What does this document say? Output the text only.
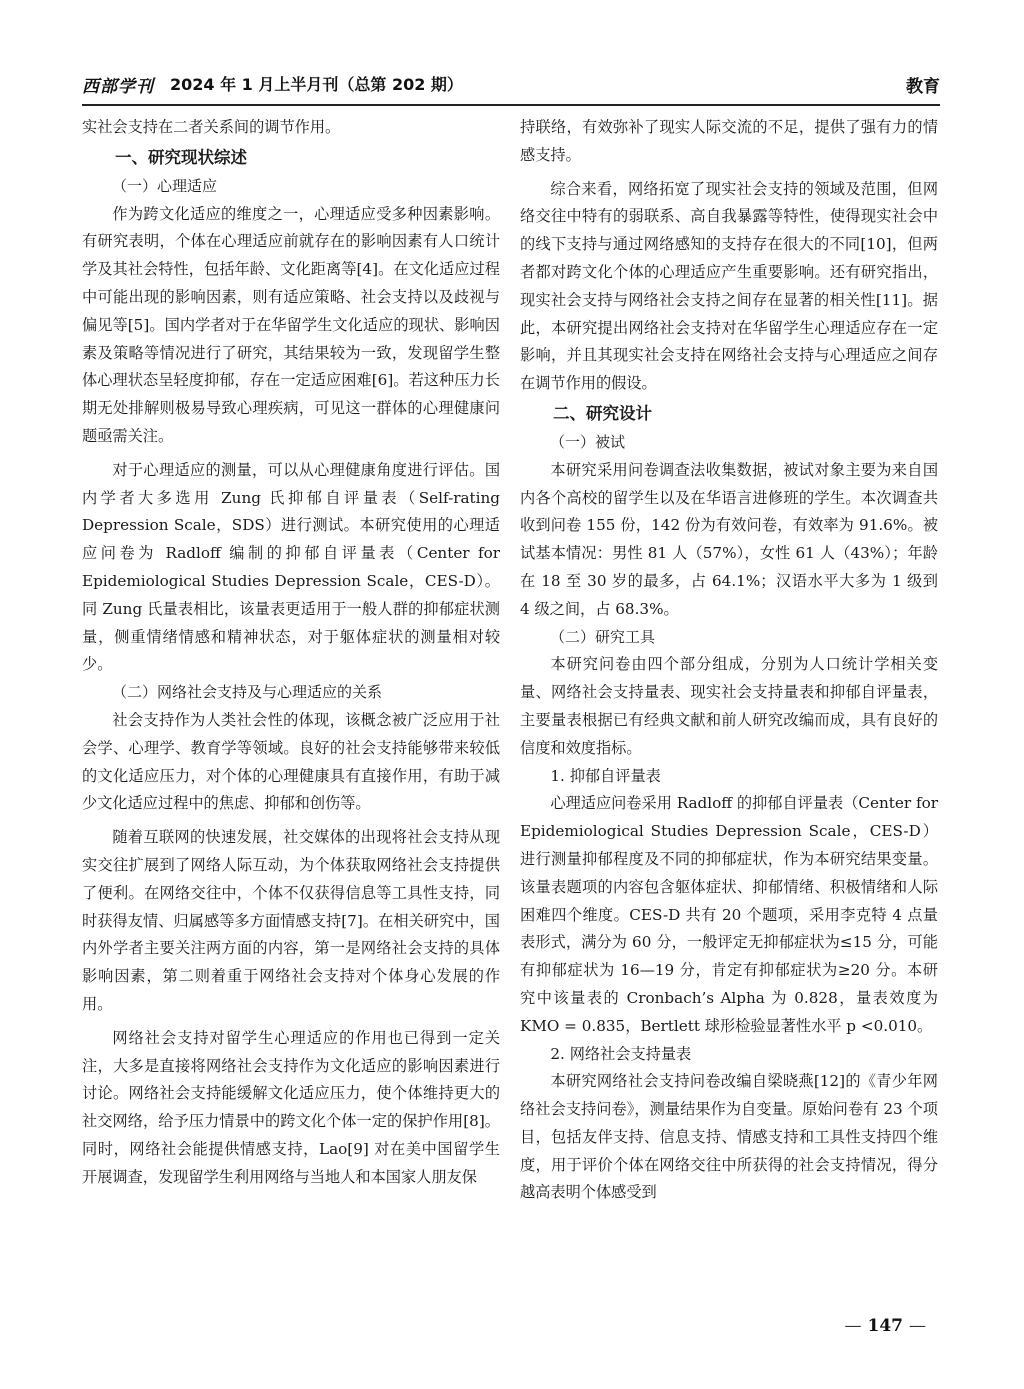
西部学刊 2024 年 1 月上半月刊（总第 202 期）	教育

实社会支持在二者关系间的调节作用。

一、研究现状综述
（一）心理适应

作为跨文化适应的维度之一，心理适应受多种因素影响。有研究表明，个体在心理适应前就存在的影响因素有人口统计学及其社会特性，包括年龄、文化距离等[4]。在文化适应过程中可能出现的影响因素，则有适应策略、社会支持以及歧视与偏见等[5]。国内学者对于在华留学生文化适应的现状、影响因素及策略等情况进行了研究，其结果较为一致，发现留学生整体心理状态呈轻度抑郁，存在一定适应困难[6]。若这种压力长期无处排解则极易导致心理疾病，可见这一群体的心理健康问题亟需关注。

对于心理适应的测量，可以从心理健康角度进行评估。国内学者大多选用 Zung 氏抑郁自评量表（Self-rating Depression Scale，SDS）进行测试。本研究使用的心理适应问卷为 Radloff 编制的抑郁自评量表（Center for Epidemiological Studies Depression Scale，CES-D）。同 Zung 氏量表相比，该量表更适用于一般人群的抑郁症状测量，侧重情绪情感和精神状态，对于躯体症状的测量相对较少。

（二）网络社会支持及与心理适应的关系

社会支持作为人类社会性的体现，该概念被广泛应用于社会学、心理学、教育学等领域。良好的社会支持能够带来较低的文化适应压力，对个体的心理健康具有直接作用，有助于减少文化适应过程中的焦虑、抑郁和创伤等。

随着互联网的快速发展，社交媒体的出现将社会支持从现实交往扩展到了网络人际互动，为个体获取网络社会支持提供了便利。在网络交往中，个体不仅获得信息等工具性支持，同时获得友情、归属感等多方面情感支持[7]。在相关研究中，国内外学者主要关注两方面的内容，第一是网络社会支持的具体影响因素，第二则着重于网络社会支持对个体身心发展的作用。

网络社会支持对留学生心理适应的作用也已得到一定关注，大多是直接将网络社会支持作为文化适应的影响因素进行讨论。网络社会支持能缓解文化适应压力，使个体维持更大的社交网络，给予压力情景中的跨文化个体一定的保护作用[8]。同时，网络社会能提供情感支持，Lao[9] 对在美中国留学生开展调查，发现留学生利用网络与当地人和本国家人朋友保

持联络，有效弥补了现实人际交流的不足，提供了强有力的情感支持。

综合来看，网络拓宽了现实社会支持的领域及范围，但网络交往中特有的弱联系、高自我暴露等特性，使得现实社会中的线下支持与通过网络感知的支持存在很大的不同[10]，但两者都对跨文化个体的心理适应产生重要影响。还有研究指出，现实社会支持与网络社会支持之间存在显著的相关性[11]。据此，本研究提出网络社会支持对在华留学生心理适应存在一定影响，并且其现实社会支持在网络社会支持与心理适应之间存在调节作用的假设。

二、研究设计
（一）被试

本研究采用问卷调查法收集数据，被试对象主要为来自国内各个高校的留学生以及在华语言进修班的学生。本次调查共收到问卷 155 份，142 份为有效问卷，有效率为 91.6%。被试基本情况：男性 81 人（57%），女性 61 人（43%）；年龄在 18 至 30 岁的最多，占 64.1%；汉语水平大多为 1 级到 4 级之间，占 68.3%。

（二）研究工具

本研究问卷由四个部分组成，分别为人口统计学相关变量、网络社会支持量表、现实社会支持量表和抑郁自评量表，主要量表根据已有经典文献和前人研究改编而成，具有良好的信度和效度指标。

1. 抑郁自评量表

心理适应问卷采用 Radloff 的抑郁自评量表（Center for Epidemiological Studies Depression Scale，CES-D）进行测量抑郁程度及不同的抑郁症状，作为本研究结果变量。该量表题项的内容包含躯体症状、抑郁情绪、积极情绪和人际困难四个维度。CES-D 共有 20 个题项，采用李克特 4 点量表形式，满分为 60 分，一般评定无抑郁症状为≤15 分，可能有抑郁症状为 16—19 分，肯定有抑郁症状为≥20 分。本研究中该量表的 Cronbach’s Alpha 为 0.828，量表效度为 KMO = 0.835，Bertlett 球形检验显著性水平 p <0.010。

2. 网络社会支持量表

本研究网络社会支持问卷改编自梁晓燕[12]的《青少年网络社会支持问卷》，测量结果作为自变量。原始问卷有 23 个项目，包括友伴支持、信息支持、情感支持和工具性支持四个维度，用于评价个体在网络交往中所获得的社会支持情况，得分越高表明个体感受到

— 147 —
